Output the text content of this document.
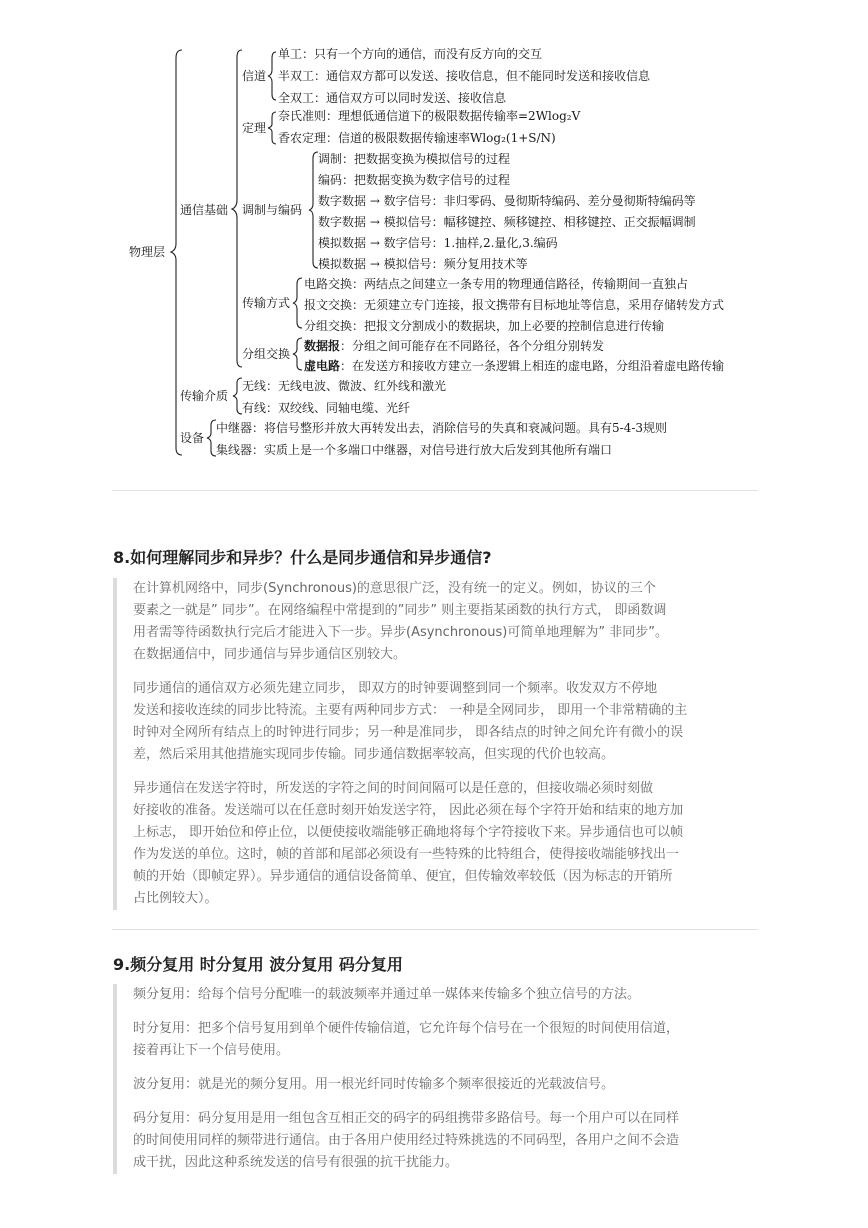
物理层
通信基础
传输介质
设备
信道
定理
调制与编码
传输方式
分组交换
单工：只有一个方向的通信，而没有反方向的交互
半双工：通信双方都可以发送、接收信息，但不能同时发送和接收信息
全双工：通信双方可以同时发送、接收信息
奈氏准则：理想低通信道下的极限数据传输率=2Wlog₂V
香农定理：信道的极限数据传输速率Wlog₂(1+S/N)
调制：把数据变换为模拟信号的过程
编码：把数据变换为数字信号的过程
数字数据 → 数字信号：非归零码、曼彻斯特编码、差分曼彻斯特编码等
数字数据 → 模拟信号：幅移键控、频移键控、相移键控、正交振幅调制
模拟数据 → 数字信号：1.抽样,2.量化,3.编码
模拟数据 → 模拟信号：频分复用技术等
电路交换：两结点之间建立一条专用的物理通信路径，传输期间一直独占
报文交换：无须建立专门连接，报文携带有目标地址等信息，采用存储转发方式
分组交换：把报文分割成小的数据块，加上必要的控制信息进行传输
数据报：分组之间可能存在不同路径，各个分组分别转发
虚电路：在发送方和接收方建立一条逻辑上相连的虚电路，分组沿着虚电路传输
无线：无线电波、微波、红外线和激光
有线：双绞线、同轴电缆、光纤
中继器：将信号整形并放大再转发出去，消除信号的失真和衰减问题。具有5-4-3规则
集线器：实质上是一个多端口中继器，对信号进行放大后发到其他所有端口
8.如何理解同步和异步？什么是同步通信和异步通信?

在计算机网络中，同步(Synchronous)的意思很广泛，没有统一的定义。例如，协议的三个
要素之一就是” 同步”。在网络编程中常提到的”同步” 则主要指某函数的执行方式， 即函数调
用者需等待函数执行完后才能进入下一步。异步(Asynchronous)可简单地理解为” 非同步”。
在数据通信中，同步通信与异步通信区别较大。

同步通信的通信双方必须先建立同步， 即双方的时钟要调整到同一个频率。收发双方不停地
发送和接收连续的同步比特流。主要有两种同步方式： 一种是全网同步， 即用一个非常精确的主
时钟对全网所有结点上的时钟进行同步；另一种是准同步， 即各结点的时钟之间允许有微小的误
差，然后采用其他措施实现同步传输。同步通信数据率较高，但实现的代价也较高。

异步通信在发送字符时，所发送的字符之间的时间间隔可以是任意的，但接收端必须时刻做
好接收的准备。发送端可以在任意时刻开始发送字符， 因此必须在每个字符开始和结束的地方加
上标志， 即开始位和停止位，以便使接收端能够正确地将每个字符接收下来。异步通信也可以帧
作为发送的单位。这时，帧的首部和尾部必须设有一些特殊的比特组合，使得接收端能够找出一
帧的开始（即帧定界）。异步通信的通信设备简单、便宜，但传输效率较低（因为标志的开销所
占比例较大）。

9.频分复用 时分复用 波分复用 码分复用

频分复用：给每个信号分配唯一的载波频率并通过单一媒体来传输多个独立信号的方法。

时分复用：把多个信号复用到单个硬件传输信道，它允许每个信号在一个很短的时间使用信道，
接着再让下一个信号使用。

波分复用：就是光的频分复用。用一根光纤同时传输多个频率很接近的光载波信号。

码分复用：码分复用是用一组包含互相正交的码字的码组携带多路信号。每一个用户可以在同样
的时间使用同样的频带进行通信。由于各用户使用经过特殊挑选的不同码型，各用户之间不会造
成干扰，因此这种系统发送的信号有很强的抗干扰能力。
